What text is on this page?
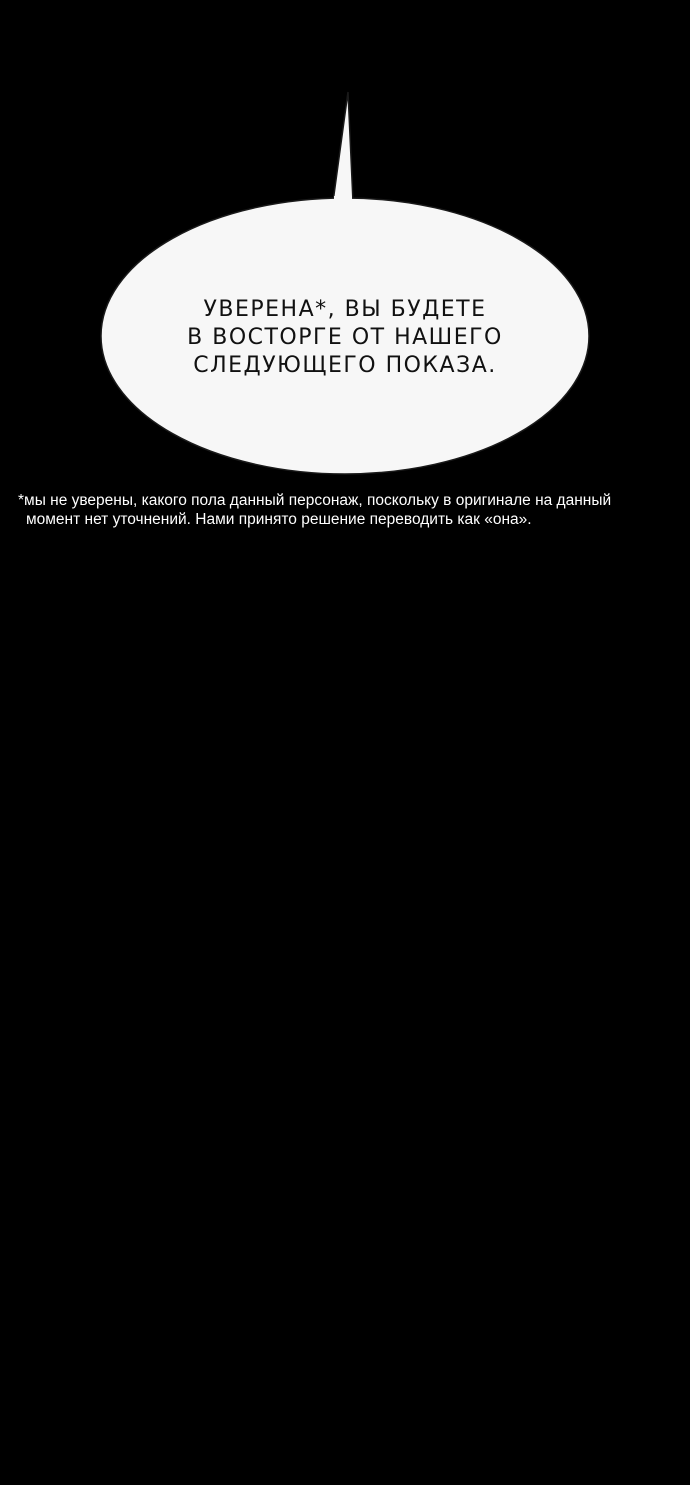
УВЕРЕНА*, ВЫ БУДЕТЕ
В ВОСТОРГЕ ОТ НАШЕГО
СЛЕДУЮЩЕГО ПОКАЗА.

*мы не уверены, какого пола данный персонаж, поскольку в оригинале на данный
момент нет уточнений. Нами принято решение переводить как «она».
